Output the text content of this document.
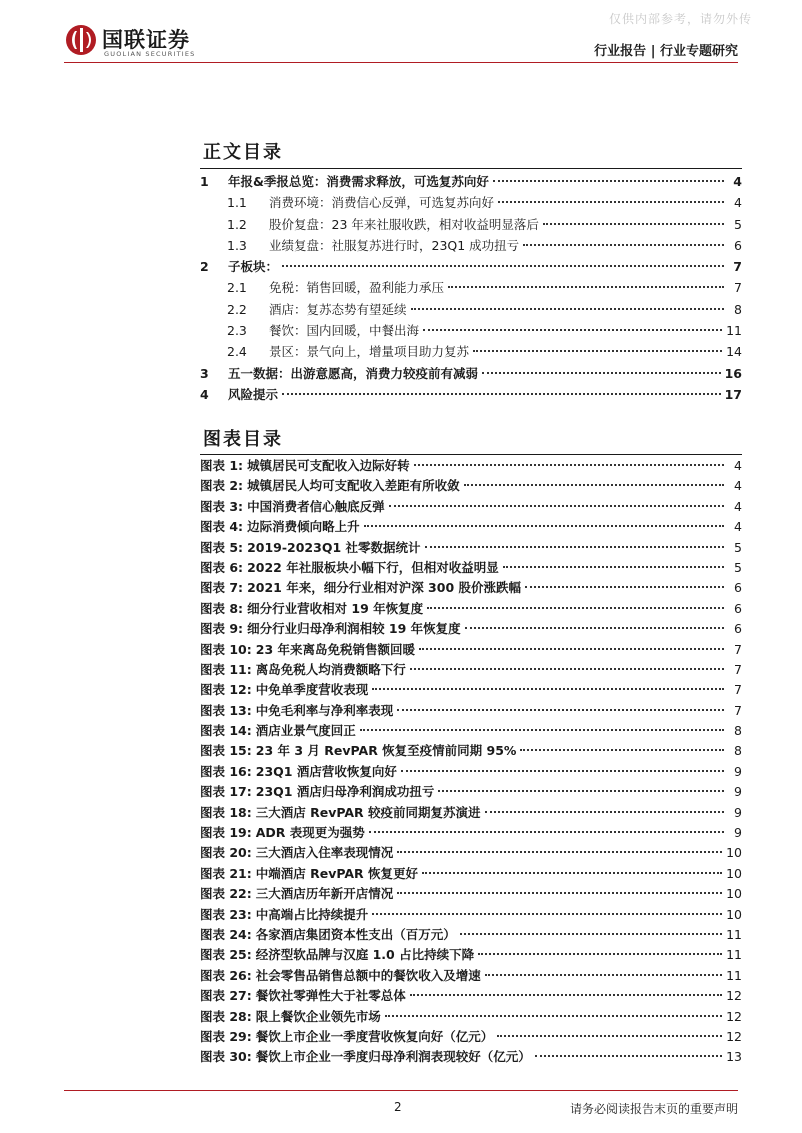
仅供内部参考，请勿外传
国联证券
GUOLIAN SECURITIES	行业报告 | 行业专题研究
正文目录
1	年报&季报总览：消费需求释放，可选复苏向好	4
1.1	消费环境：消费信心反弹，可选复苏向好	4
1.2	股价复盘：23 年来社服收跌，相对收益明显落后	5
1.3	业绩复盘：社服复苏进行时，23Q1 成功扭亏	6
2	子板块：	7
2.1	免税：销售回暖，盈利能力承压	7
2.2	酒店：复苏态势有望延续	8
2.3	餐饮：国内回暖，中餐出海	11
2.4	景区：景气向上，增量项目助力复苏	14
3	五一数据：出游意愿高，消费力较疫前有减弱	16
4	风险提示	17
图表目录
图表 1: 城镇居民可支配收入边际好转	4
图表 2: 城镇居民人均可支配收入差距有所收敛	4
图表 3: 中国消费者信心触底反弹	4
图表 4: 边际消费倾向略上升	4
图表 5: 2019-2023Q1 社零数据统计	5
图表 6: 2022 年社服板块小幅下行，但相对收益明显	5
图表 7: 2021 年来，细分行业相对沪深 300 股价涨跌幅	6
图表 8: 细分行业营收相对 19 年恢复度	6
图表 9: 细分行业归母净利润相较 19 年恢复度	6
图表 10: 23 年来离岛免税销售额回暖	7
图表 11: 离岛免税人均消费额略下行	7
图表 12: 中免单季度营收表现	7
图表 13: 中免毛利率与净利率表现	7
图表 14: 酒店业景气度回正	8
图表 15: 23 年 3 月 RevPAR 恢复至疫情前同期 95%	8
图表 16: 23Q1 酒店营收恢复向好	9
图表 17: 23Q1 酒店归母净利润成功扭亏	9
图表 18: 三大酒店 RevPAR 较疫前同期复苏演进	9
图表 19: ADR 表现更为强势	9
图表 20: 三大酒店入住率表现情况	10
图表 21: 中端酒店 RevPAR 恢复更好	10
图表 22: 三大酒店历年新开店情况	10
图表 23: 中高端占比持续提升	10
图表 24: 各家酒店集团资本性支出（百万元）	11
图表 25: 经济型软品牌与汉庭 1.0 占比持续下降	11
图表 26: 社会零售品销售总额中的餐饮收入及增速	11
图表 27: 餐饮社零弹性大于社零总体	12
图表 28: 限上餐饮企业领先市场	12
图表 29: 餐饮上市企业一季度营收恢复向好（亿元）	12
图表 30: 餐饮上市企业一季度归母净利润表现较好（亿元）	13
2	请务必阅读报告末页的重要声明
